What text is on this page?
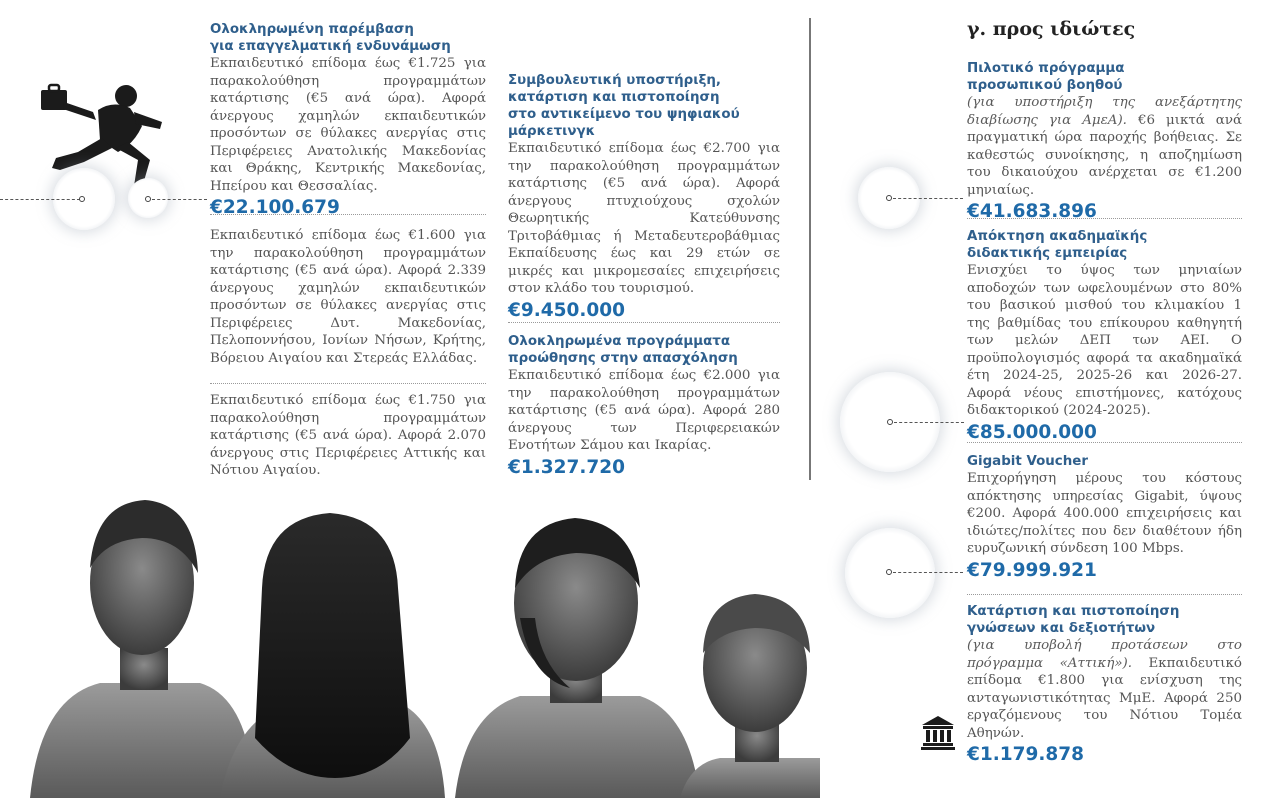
Ολοκληρωμένη παρέμβαση
για επαγγελματική ενδυνάμωση
Εκπαιδευτικό επίδομα έως €1.725 για παρακολούθηση προγραμμάτων κατάρτισης (€5 ανά ώρα). Αφορά άνεργους χαμηλών εκπαιδευτικών προσόντων σε θύλακες ανεργίας στις Περιφέρειες Ανατολικής Μακεδονίας και Θράκης, Κεντρικής Μακεδονίας, Ηπείρου και Θεσσαλίας.
€22.100.679
Εκπαιδευτικό επίδομα έως €1.600 για την παρακολούθηση προγραμμάτων κατάρτισης (€5 ανά ώρα). Αφορά 2.339 άνεργους χαμηλών εκπαιδευτικών προσόντων σε θύλακες ανεργίας στις Περιφέρειες Δυτ. Μακεδονίας, Πελοποννήσου, Ιονίων Νήσων, Κρήτης, Βόρειου Αιγαίου και Στερεάς Ελλάδας.
Εκπαιδευτικό επίδομα έως €1.750 για παρακολούθηση προγραμμάτων κατάρτισης (€5 ανά ώρα). Αφορά 2.070 άνεργους στις Περιφέρειες Αττικής και Νότιου Αιγαίου.
Συμβουλευτική υποστήριξη,
κατάρτιση και πιστοποίηση
στο αντικείμενο του ψηφιακού
μάρκετινγκ
Εκπαιδευτικό επίδομα έως €2.700 για την παρακολούθηση προγραμμάτων κατάρτισης (€5 ανά ώρα). Αφορά άνεργους πτυχιούχους σχολών Θεωρητικής Κατεύθυνσης Τριτοβάθμιας ή Μεταδευτεροβάθμιας Εκπαίδευσης έως και 29 ετών σε μικρές και μικρομεσαίες επιχειρήσεις στον κλάδο του τουρισμού.
€9.450.000
Ολοκληρωμένα προγράμματα
προώθησης στην απασχόληση
Εκπαιδευτικό επίδομα έως €2.000 για την παρακολούθηση προγραμμάτων κατάρτισης (€5 ανά ώρα). Αφορά 280 άνεργους των Περιφερειακών Ενοτήτων Σάμου και Ικαρίας.
€1.327.720
γ. προς ιδιώτες
Πιλοτικό πρόγραμμα
προσωπικού βοηθού
(για υποστήριξη της ανεξάρτητης διαβίωσης για ΑμεΑ). €6 μικτά ανά πραγματική ώρα παροχής βοήθειας. Σε καθεστώς συνοίκησης, η αποζημίωση του δικαιούχου ανέρχεται σε €1.200 μηνιαίως.
€41.683.896
Απόκτηση ακαδημαϊκής
διδακτικής εμπειρίας
Ενισχύει το ύψος των μηνιαίων αποδοχών των ωφελουμένων στο 80% του βασικού μισθού του κλιμακίου 1 της βαθμίδας του επίκουρου καθηγητή των μελών ΔΕΠ των ΑΕΙ. Ο προϋπολογισμός αφορά τα ακαδημαϊκά έτη 2024-25, 2025-26 και 2026-27. Αφορά νέους επιστήμονες, κατόχους διδακτορικού (2024-2025).
€85.000.000
Gigabit Voucher
Επιχορήγηση μέρους του κόστους απόκτησης υπηρεσίας Gigabit, ύψους €200. Αφορά 400.000 επιχειρήσεις και ιδιώτες/πολίτες που δεν διαθέτουν ήδη ευρυζωνική σύνδεση 100 Mbps.
€79.999.921
Κατάρτιση και πιστοποίηση
γνώσεων και δεξιοτήτων
(για υποβολή προτάσεων στο πρόγραμμα «Αττική»). Εκπαιδευτικό επίδομα €1.800 για ενίσχυση της ανταγωνιστικότητας ΜμΕ. Αφορά 250 εργαζόμενους του Νότιου Τομέα Αθηνών.
€1.179.878
